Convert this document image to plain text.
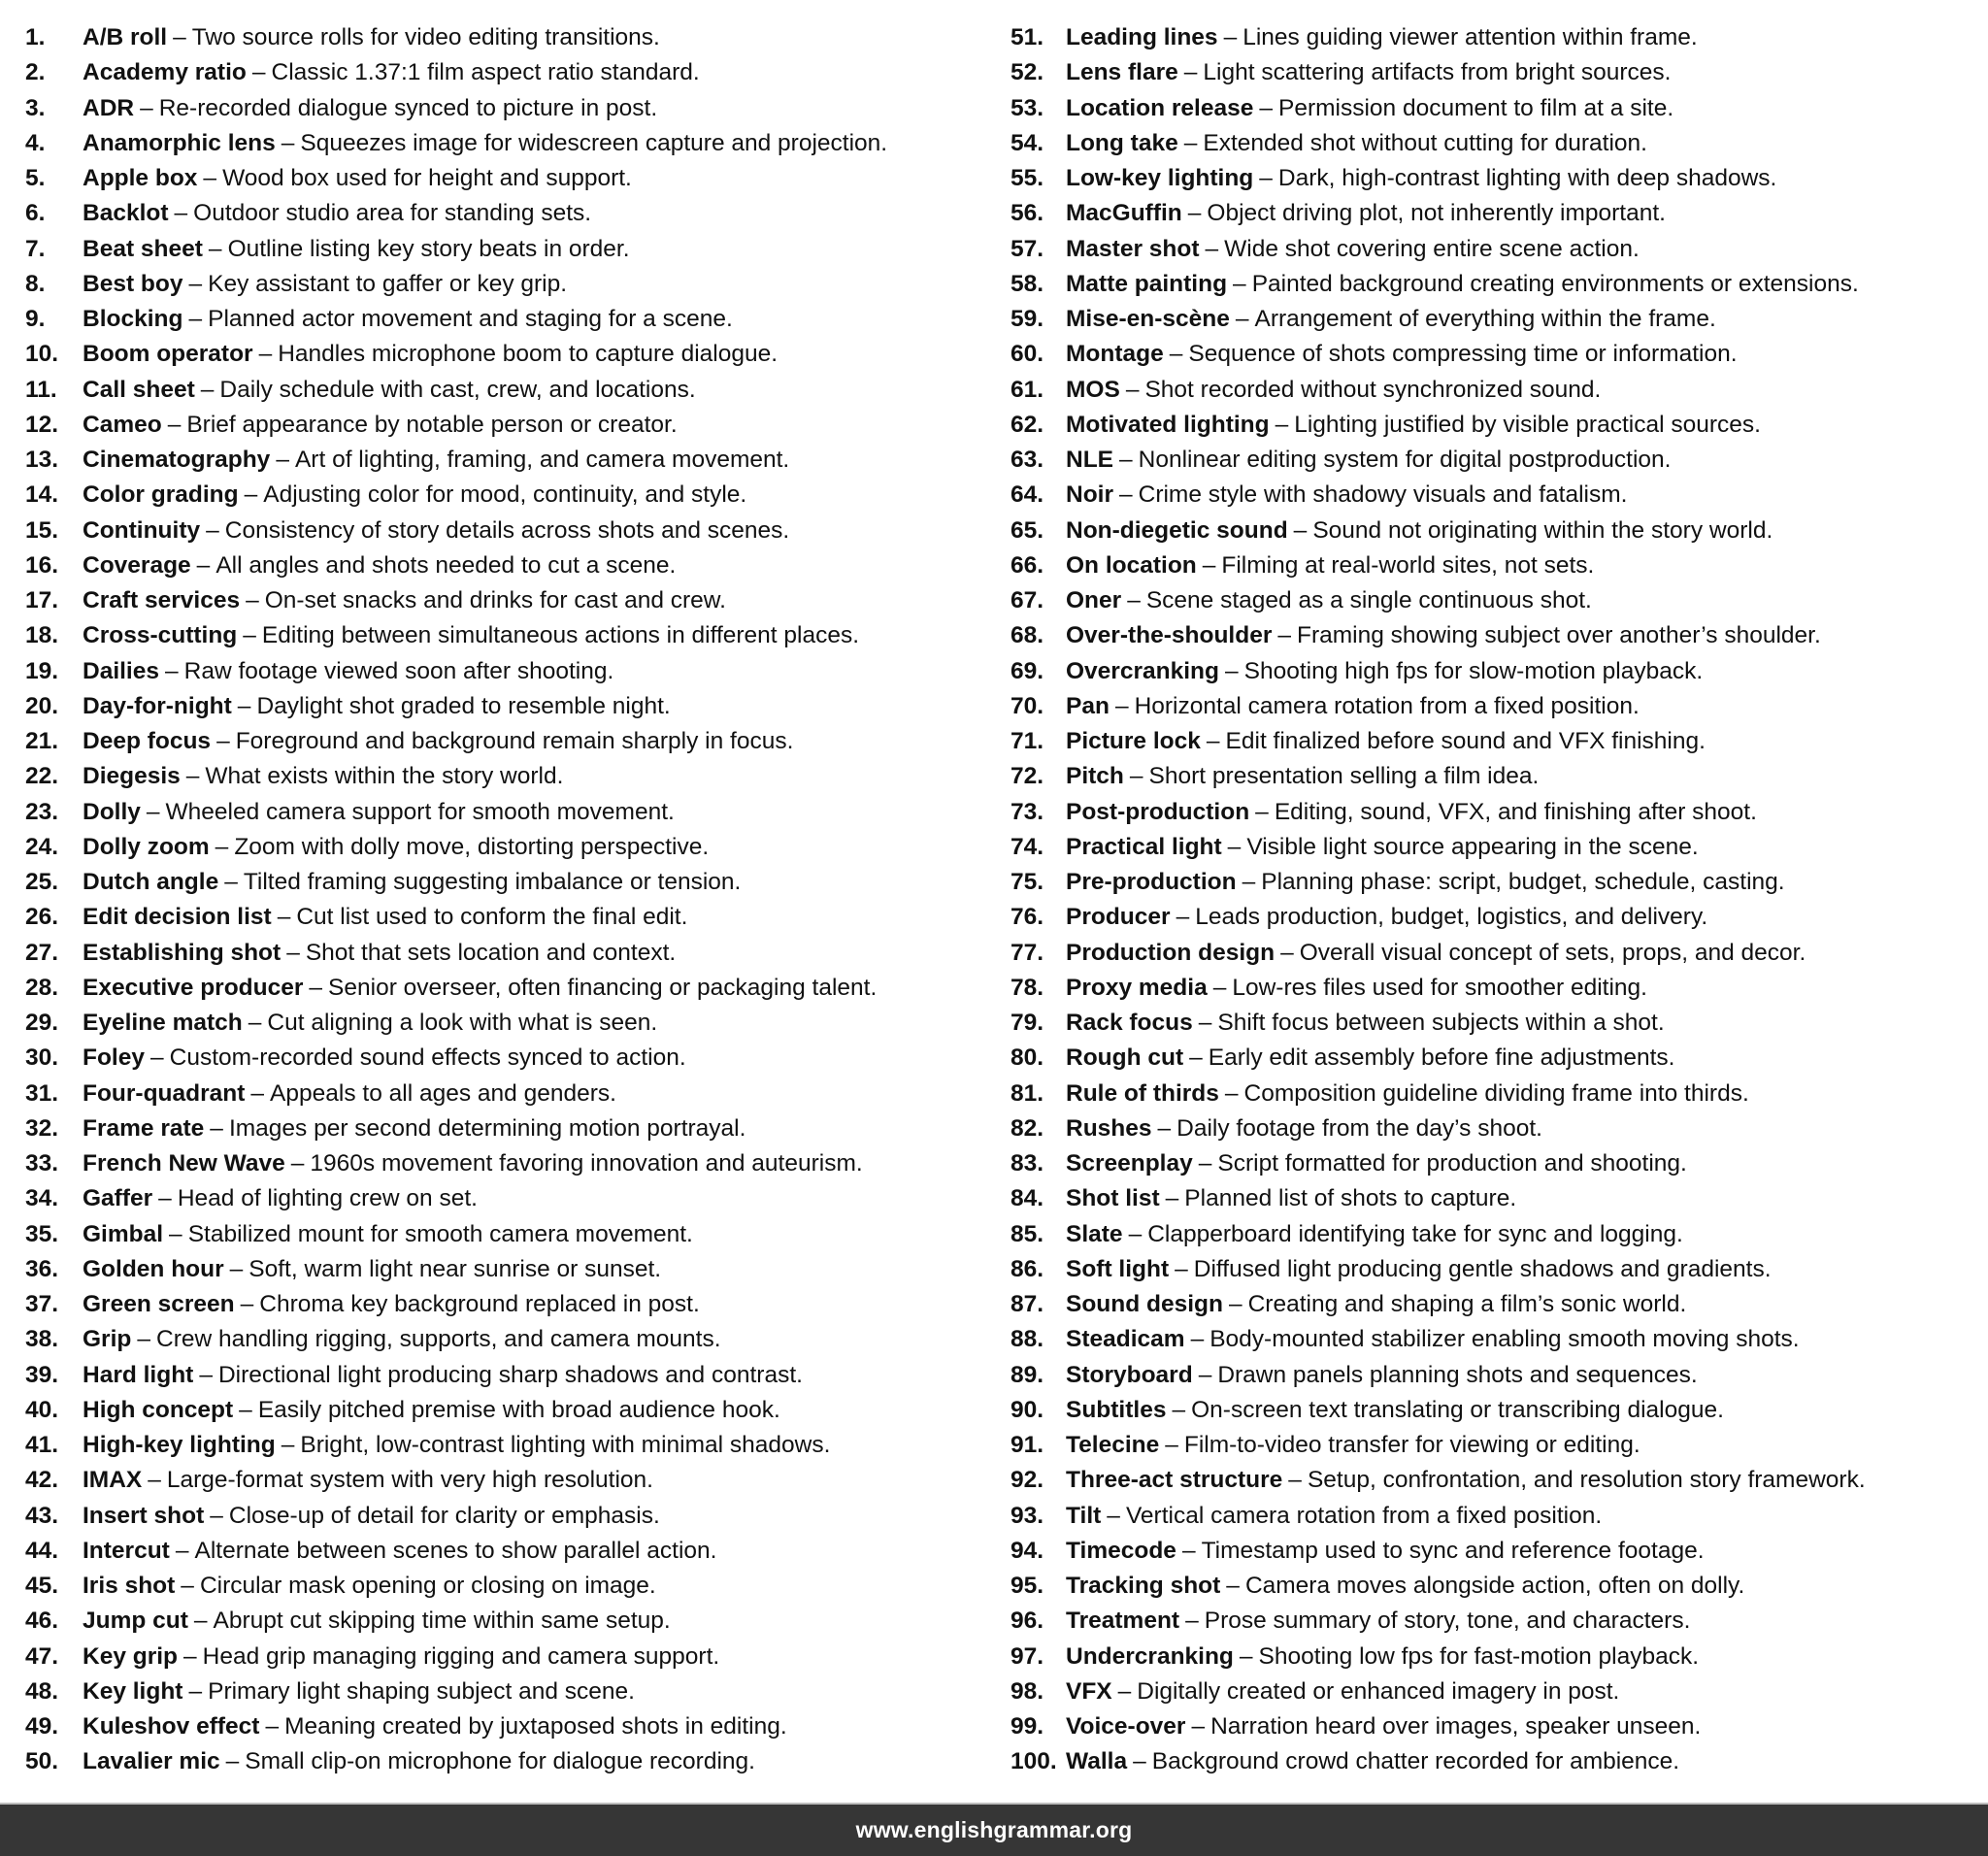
1.	A/B roll – Two source rolls for video editing transitions.
2.	Academy ratio – Classic 1.37:1 film aspect ratio standard.
3.	ADR – Re-recorded dialogue synced to picture in post.
4.	Anamorphic lens – Squeezes image for widescreen capture and projection.
5.	Apple box – Wood box used for height and support.
6.	Backlot – Outdoor studio area for standing sets.
7.	Beat sheet – Outline listing key story beats in order.
8.	Best boy – Key assistant to gaffer or key grip.
9.	Blocking – Planned actor movement and staging for a scene.
10.	Boom operator – Handles microphone boom to capture dialogue.
11.	Call sheet – Daily schedule with cast, crew, and locations.
12.	Cameo – Brief appearance by notable person or creator.
13.	Cinematography – Art of lighting, framing, and camera movement.
14.	Color grading – Adjusting color for mood, continuity, and style.
15.	Continuity – Consistency of story details across shots and scenes.
16.	Coverage – All angles and shots needed to cut a scene.
17.	Craft services – On-set snacks and drinks for cast and crew.
18.	Cross-cutting – Editing between simultaneous actions in different places.
19.	Dailies – Raw footage viewed soon after shooting.
20.	Day-for-night – Daylight shot graded to resemble night.
21.	Deep focus – Foreground and background remain sharply in focus.
22.	Diegesis – What exists within the story world.
23.	Dolly – Wheeled camera support for smooth movement.
24.	Dolly zoom – Zoom with dolly move, distorting perspective.
25.	Dutch angle – Tilted framing suggesting imbalance or tension.
26.	Edit decision list – Cut list used to conform the final edit.
27.	Establishing shot – Shot that sets location and context.
28.	Executive producer – Senior overseer, often financing or packaging talent.
29.	Eyeline match – Cut aligning a look with what is seen.
30.	Foley – Custom-recorded sound effects synced to action.
31.	Four-quadrant – Appeals to all ages and genders.
32.	Frame rate – Images per second determining motion portrayal.
33.	French New Wave – 1960s movement favoring innovation and auteurism.
34.	Gaffer – Head of lighting crew on set.
35.	Gimbal – Stabilized mount for smooth camera movement.
36.	Golden hour – Soft, warm light near sunrise or sunset.
37.	Green screen – Chroma key background replaced in post.
38.	Grip – Crew handling rigging, supports, and camera mounts.
39.	Hard light – Directional light producing sharp shadows and contrast.
40.	High concept – Easily pitched premise with broad audience hook.
41.	High-key lighting – Bright, low-contrast lighting with minimal shadows.
42.	IMAX – Large-format system with very high resolution.
43.	Insert shot – Close-up of detail for clarity or emphasis.
44.	Intercut – Alternate between scenes to show parallel action.
45.	Iris shot – Circular mask opening or closing on image.
46.	Jump cut – Abrupt cut skipping time within same setup.
47.	Key grip – Head grip managing rigging and camera support.
48.	Key light – Primary light shaping subject and scene.
49.	Kuleshov effect – Meaning created by juxtaposed shots in editing.
50.	Lavalier mic – Small clip-on microphone for dialogue recording.
51. Leading lines – Lines guiding viewer attention within frame.
52. Lens flare – Light scattering artifacts from bright sources.
53. Location release – Permission document to film at a site.
54. Long take – Extended shot without cutting for duration.
55. Low-key lighting – Dark, high-contrast lighting with deep shadows.
56. MacGuffin – Object driving plot, not inherently important.
57. Master shot – Wide shot covering entire scene action.
58. Matte painting – Painted background creating environments or extensions.
59. Mise-en-scène – Arrangement of everything within the frame.
60. Montage – Sequence of shots compressing time or information.
61. MOS – Shot recorded without synchronized sound.
62. Motivated lighting – Lighting justified by visible practical sources.
63. NLE – Nonlinear editing system for digital postproduction.
64. Noir – Crime style with shadowy visuals and fatalism.
65. Non-diegetic sound – Sound not originating within the story world.
66. On location – Filming at real-world sites, not sets.
67. Oner – Scene staged as a single continuous shot.
68. Over-the-shoulder – Framing showing subject over another’s shoulder.
69. Overcranking – Shooting high fps for slow-motion playback.
70. Pan – Horizontal camera rotation from a fixed position.
71. Picture lock – Edit finalized before sound and VFX finishing.
72. Pitch – Short presentation selling a film idea.
73. Post-production – Editing, sound, VFX, and finishing after shoot.
74. Practical light – Visible light source appearing in the scene.
75. Pre-production – Planning phase: script, budget, schedule, casting.
76. Producer – Leads production, budget, logistics, and delivery.
77. Production design – Overall visual concept of sets, props, and decor.
78. Proxy media – Low-res files used for smoother editing.
79. Rack focus – Shift focus between subjects within a shot.
80. Rough cut – Early edit assembly before fine adjustments.
81. Rule of thirds – Composition guideline dividing frame into thirds.
82. Rushes – Daily footage from the day’s shoot.
83. Screenplay – Script formatted for production and shooting.
84. Shot list – Planned list of shots to capture.
85. Slate – Clapperboard identifying take for sync and logging.
86. Soft light – Diffused light producing gentle shadows and gradients.
87. Sound design – Creating and shaping a film’s sonic world.
88. Steadicam – Body-mounted stabilizer enabling smooth moving shots.
89. Storyboard – Drawn panels planning shots and sequences.
90. Subtitles – On-screen text translating or transcribing dialogue.
91. Telecine – Film-to-video transfer for viewing or editing.
92. Three-act structure – Setup, confrontation, and resolution story framework.
93. Tilt – Vertical camera rotation from a fixed position.
94. Timecode – Timestamp used to sync and reference footage.
95. Tracking shot – Camera moves alongside action, often on dolly.
96. Treatment – Prose summary of story, tone, and characters.
97. Undercranking – Shooting low fps for fast-motion playback.
98. VFX – Digitally created or enhanced imagery in post.
99. Voice-over – Narration heard over images, speaker unseen.
100. Walla – Background crowd chatter recorded for ambience.
www.englishgrammar.org
